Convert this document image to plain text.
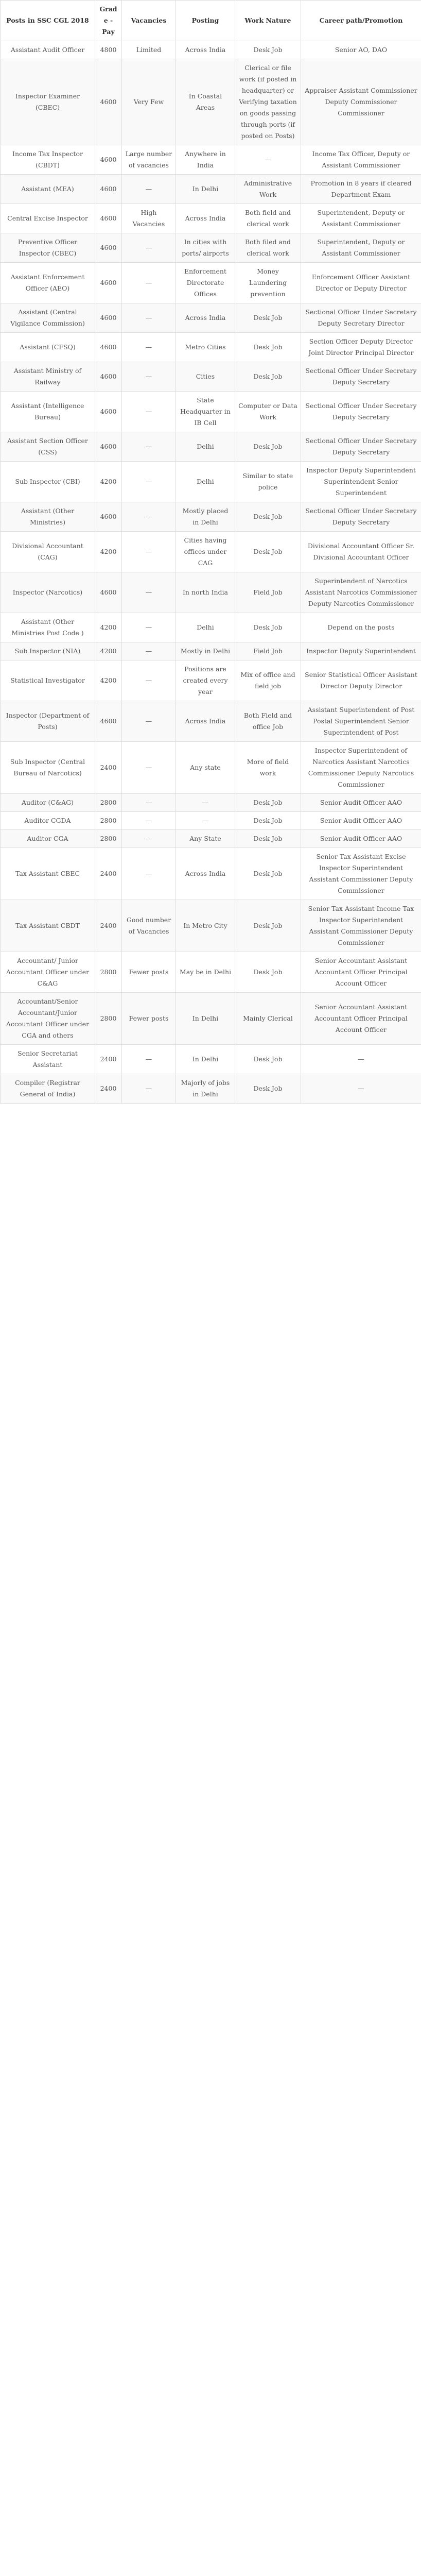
Posts in SSC CGL 2018	Grade -Pay	Vacancies	Posting	Work Nature	Career path/Promotion
Assistant Audit Officer	4800	Limited	Across India	Desk Job	Senior AO, DAO
Inspector Examiner (CBEC)	4600	Very Few	In Coastal Areas	Clerical or file work (if posted in headquarter) or Verifying taxation on goods passing through ports (if posted on Posts)	Appraiser Assistant Commissioner Deputy Commissioner Commissioner
Income Tax Inspector (CBDT)	4600	Large number of vacancies	Anywhere in India	—	Income Tax Officer, Deputy or Assistant Commissioner
Assistant (MEA)	4600	—	In Delhi	Administrative Work	Promotion in 8 years if cleared Department Exam
Central Excise Inspector	4600	High Vacancies	Across India	Both field and clerical work	Superintendent, Deputy or Assistant Commissioner
Preventive Officer Inspector (CBEC)	4600	—	In cities with ports/ airports	Both filed and clerical work	Superintendent, Deputy or Assistant Commissioner
Assistant Enforcement Officer (AEO)	4600	—	Enforcement Directorate Offices	Money Laundering prevention	Enforcement Officer Assistant Director or Deputy Director
Assistant (Central Vigilance Commission)	4600	—	Across India	Desk Job	Sectional Officer Under Secretary Deputy Secretary Director
Assistant (CFSQ)	4600	—	Metro Cities	Desk Job	Section Officer Deputy Director Joint Director Principal Director
Assistant Ministry of Railway	4600	—	Cities	Desk Job	Sectional Officer Under Secretary Deputy Secretary
Assistant (Intelligence Bureau)	4600	—	State Headquarter in IB Cell	Computer or Data Work	Sectional Officer Under Secretary Deputy Secretary
Assistant Section Officer (CSS)	4600	—	Delhi	Desk Job	Sectional Officer Under Secretary Deputy Secretary
Sub Inspector (CBI)	4200	—	Delhi	Similar to state police	Inspector Deputy Superintendent Superintendent Senior Superintendent
Assistant (Other Ministries)	4600	—	Mostly placed in Delhi	Desk Job	Sectional Officer Under Secretary Deputy Secretary
Divisional Accountant (CAG)	4200	—	Cities having offices under CAG	Desk Job	Divisional Accountant Officer Sr. Divisional Accountant Officer
Inspector (Narcotics)	4600	—	In north India	Field Job	Superintendent of Narcotics Assistant Narcotics Commissioner Deputy Narcotics Commissioner
Assistant (Other Ministries Post Code )	4200	—	Delhi	Desk Job	Depend on the posts
Sub Inspector (NIA)	4200	—	Mostly in Delhi	Field Job	Inspector Deputy Superintendent
Statistical Investigator	4200	—	Positions are created every year	Mix of office and field job	Senior Statistical Officer Assistant Director Deputy Director
Inspector (Department of Posts)	4600	—	Across India	Both Field and office Job	Assistant Superintendent of Post Postal Superintendent Senior Superintendent of Post
Sub Inspector (Central Bureau of Narcotics)	2400	—	Any state	More of field work	Inspector Superintendent of Narcotics Assistant Narcotics Commissioner Deputy Narcotics Commissioner
Auditor (C&AG)	2800	—	—	Desk Job	Senior Audit Officer AAO
Auditor CGDA	2800	—	—	Desk Job	Senior Audit Officer AAO
Auditor CGA	2800	—	Any State	Desk Job	Senior Audit Officer AAO
Tax Assistant CBEC	2400	—	Across India	Desk Job	Senior Tax Assistant Excise Inspector Superintendent Assistant Commissioner Deputy Commissioner
Tax Assistant CBDT	2400	Good number of Vacancies	In Metro City	Desk Job	Senior Tax Assistant Income Tax Inspector Superintendent Assistant Commissioner Deputy Commissioner
Accountant/ Junior Accountant Officer under C&AG	2800	Fewer posts	May be in Delhi	Desk Job	Senior Accountant Assistant Accountant Officer Principal Account Officer
Accountant/Senior Accountant/Junior Accountant Officer under CGA and others	2800	Fewer posts	In Delhi	Mainly Clerical	Senior Accountant Assistant Accountant Officer Principal Account Officer
Senior Secretariat Assistant	2400	—	In Delhi	Desk Job	—
Compiler (Registrar General of India)	2400	—	Majorly of jobs in Delhi	Desk Job	—
